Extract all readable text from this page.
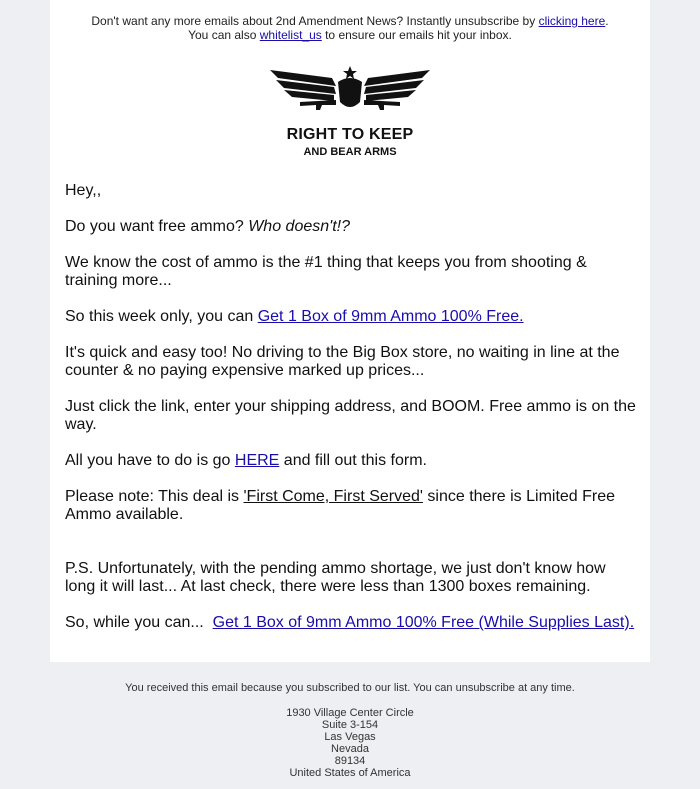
Don't want any more emails about 2nd Amendment News? Instantly unsubscribe by clicking here.
You can also whitelist_us to ensure our emails hit your inbox.
RIGHT TO KEEP
AND BEAR ARMS
Hey,,
Do you want free ammo? Who doesn't!?
We know the cost of ammo is the #1 thing that keeps you from shooting & training more...
So this week only, you can Get 1 Box of 9mm Ammo 100% Free.
It's quick and easy too! No driving to the Big Box store, no waiting in line at the counter & no paying expensive marked up prices...
Just click the link, enter your shipping address, and BOOM. Free ammo is on the way.
All you have to do is go HERE and fill out this form.
Please note: This deal is 'First Come, First Served' since there is Limited Free Ammo available.
P.S. Unfortunately, with the pending ammo shortage, we just don't know how long it will last... At last check, there were less than 1300 boxes remaining.
So, while you can...  Get 1 Box of 9mm Ammo 100% Free (While Supplies Last).
You received this email because you subscribed to our list. You can unsubscribe at any time.
1930 Village Center Circle
Suite 3-154
Las Vegas
Nevada
89134
United States of America
